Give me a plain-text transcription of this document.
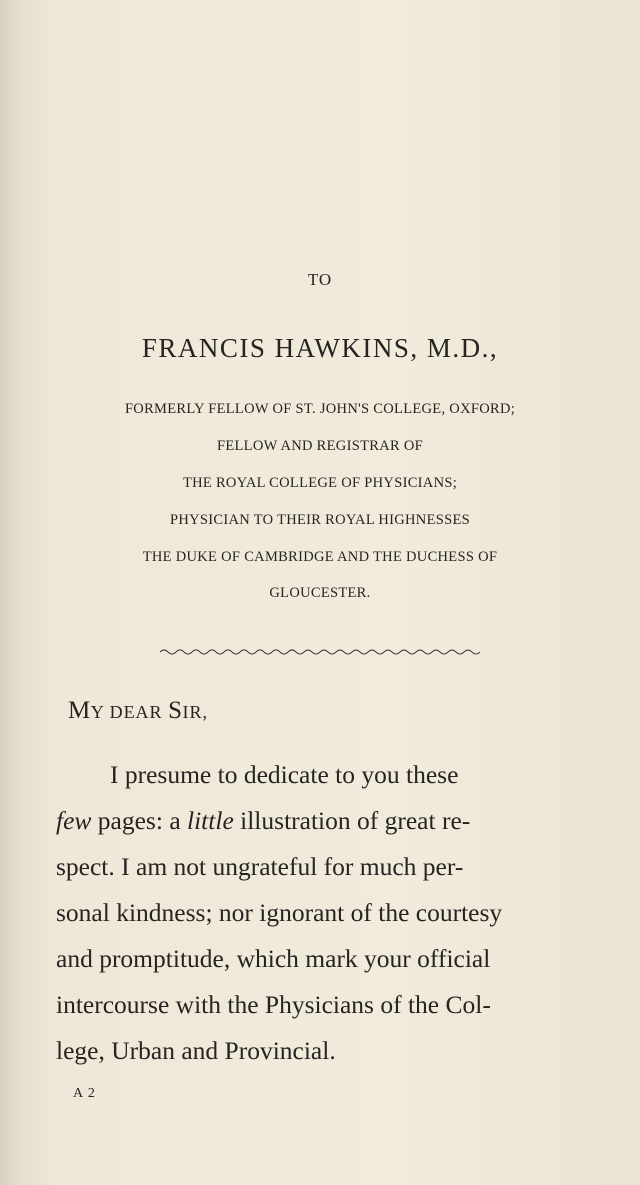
TO
FRANCIS HAWKINS, M.D.,
FORMERLY FELLOW OF ST. JOHN'S COLLEGE, OXFORD;
FELLOW AND REGISTRAR OF
THE ROYAL COLLEGE OF PHYSICIANS;
PHYSICIAN TO THEIR ROYAL HIGHNESSES
THE DUKE OF CAMBRIDGE AND THE DUCHESS OF
GLOUCESTER.
MY DEAR SIR,
I presume to dedicate to you these
few pages: a little illustration of great re-
spect. I am not ungrateful for much per-
sonal kindness; nor ignorant of the courtesy
and promptitude, which mark your official
intercourse with the Physicians of the Col-
lege, Urban and Provincial.
A 2
